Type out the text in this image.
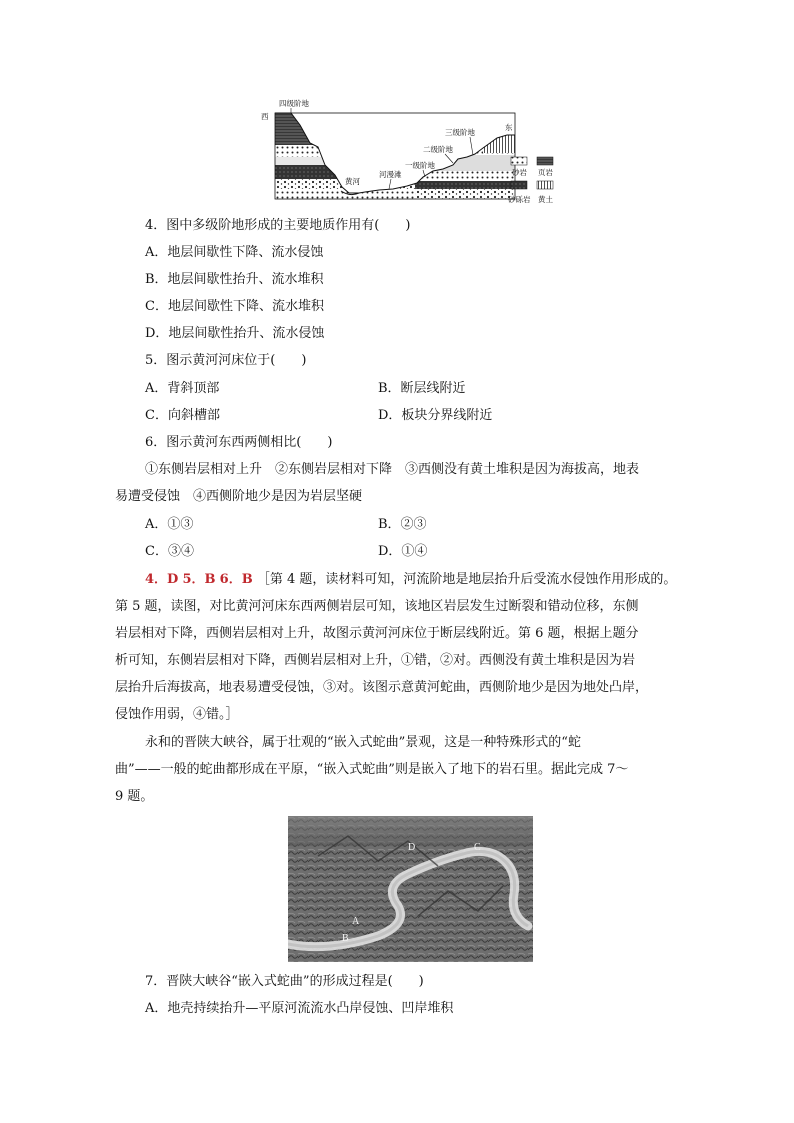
西
东
四级阶地
三级阶地
二级阶地
一级阶地
河漫滩
黄河
砂岩 页岩
砂砾岩 黄土
4．图中多级阶地形成的主要地质作用有(　　)
A．地层间歇性下降、流水侵蚀
B．地层间歇性抬升、流水堆积
C．地层间歇性下降、流水堆积
D．地层间歇性抬升、流水侵蚀
5．图示黄河河床位于(　　)
A．背斜顶部	B．断层线附近
C．向斜槽部	D．板块分界线附近
6．图示黄河东西两侧相比(　　)
①东侧岩层相对上升　②东侧岩层相对下降　③西侧没有黄土堆积是因为海拔高，地表
易遭受侵蚀　④西侧阶地少是因为岩层坚硬
A．①③	B．②③
C．③④	D．①④
4．D 5．B 6．B ［第 4 题，读材料可知，河流阶地是地层抬升后受流水侵蚀作用形成的。
第 5 题，读图，对比黄河河床东西两侧岩层可知，该地区岩层发生过断裂和错动位移，东侧
岩层相对下降，西侧岩层相对上升，故图示黄河河床位于断层线附近。第 6 题，根据上题分
析可知，东侧岩层相对下降，西侧岩层相对上升，①错，②对。西侧没有黄土堆积是因为岩
层抬升后海拔高，地表易遭受侵蚀，③对。该图示意黄河蛇曲，西侧阶地少是因为地处凸岸，
侵蚀作用弱，④错。］
永和的晋陕大峡谷，属于壮观的“嵌入式蛇曲”景观，这是一种特殊形式的“蛇
曲”——一般的蛇曲都形成在平原，“嵌入式蛇曲”则是嵌入了地下的岩石里。据此完成 7～
9 题。
A
B
C
D
7．晋陕大峡谷“嵌入式蛇曲”的形成过程是(　　)
A．地壳持续抬升—平原河流流水凸岸侵蚀、凹岸堆积
